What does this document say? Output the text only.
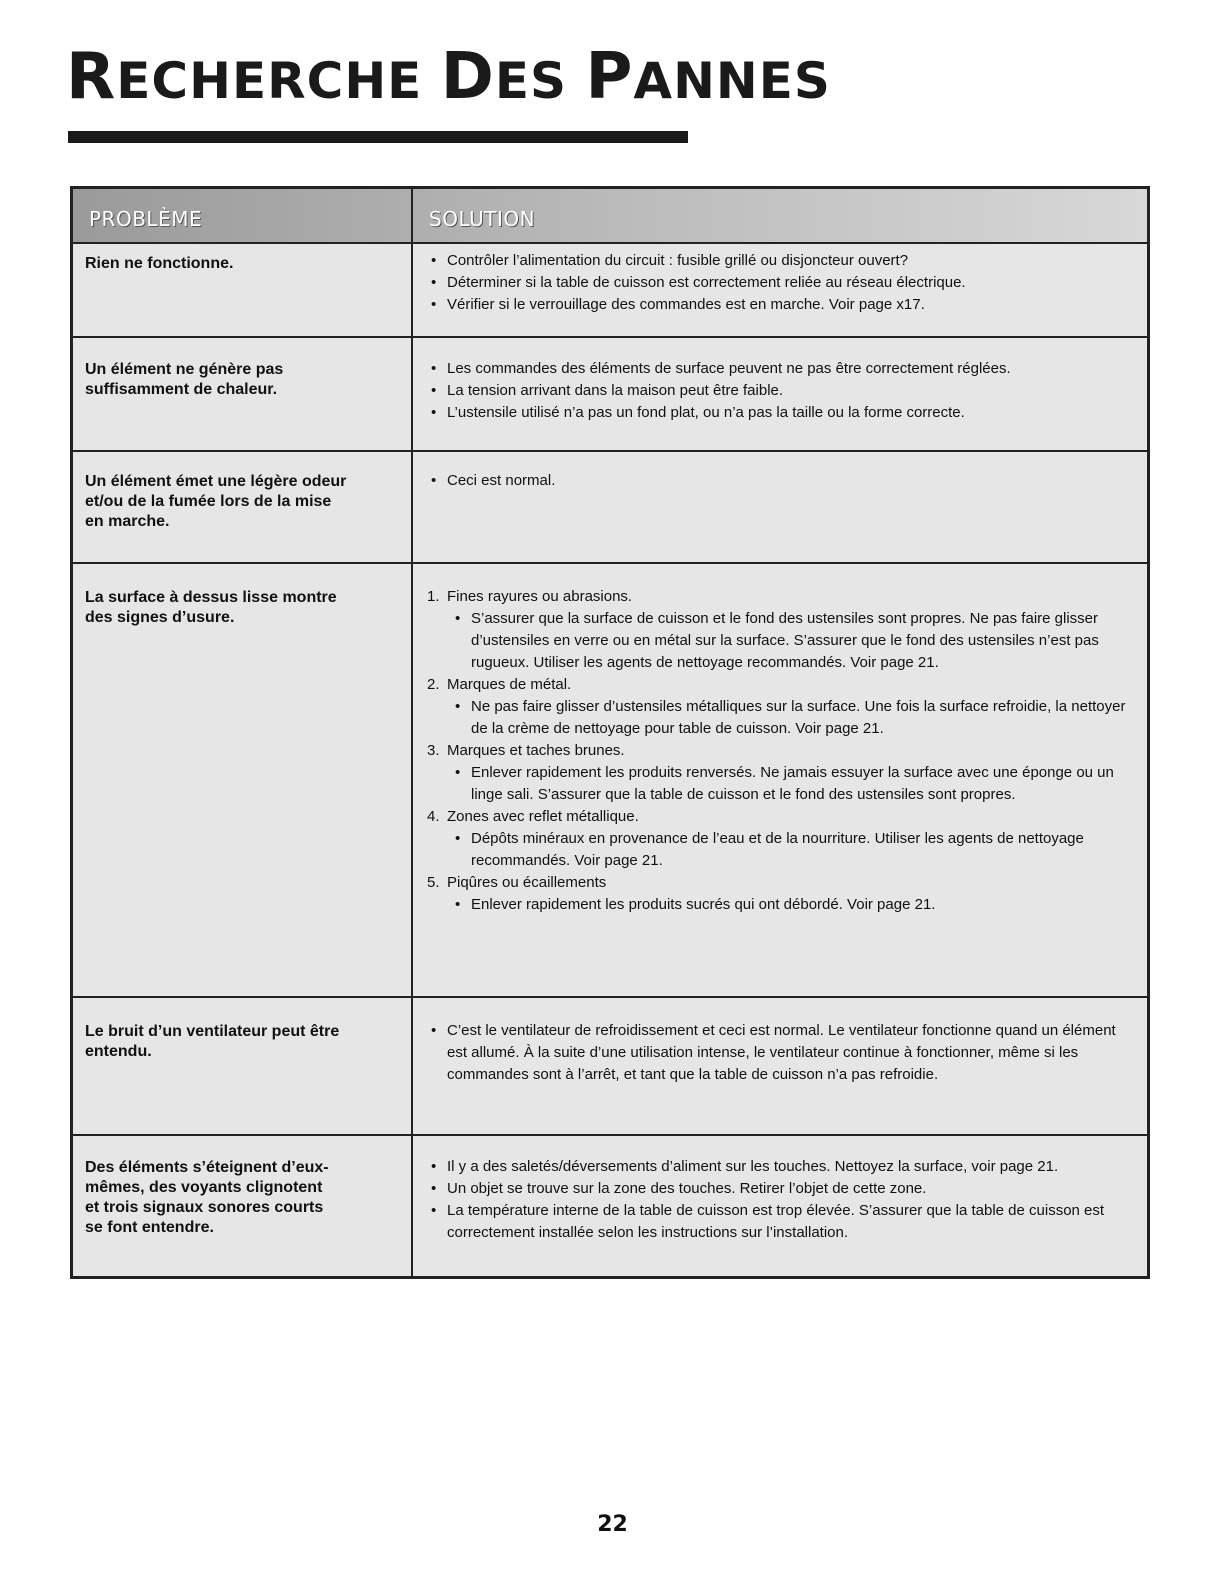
RECHERCHE DES PANNES
PROBLÈME	SOLUTION
Rien ne fonctionne.
•	Contrôler l’alimentation du circuit : fusible grillé ou disjoncteur ouvert?
• Déterminer si la table de cuisson est correctement reliée au réseau électrique.
• Vérifier si le verrouillage des commandes est en marche. Voir page x17.
Un élément ne génère pas
suffisamment de chaleur.
• Les commandes des éléments de surface peuvent ne pas être correctement réglées.
• La tension arrivant dans la maison peut être faible.
• L’ustensile utilisé n’a pas un fond plat, ou n’a pas la taille ou la forme correcte.
Un élément émet une légère odeur
et/ou de la fumée lors de la mise
en marche.
• Ceci est normal.
La surface à dessus lisse montre
des signes d’usure.
1. Fines rayures ou abrasions.
• S’assurer que la surface de cuisson et le fond des ustensiles sont propres. Ne pas faire glisser d’ustensiles en verre ou en métal sur la surface. S’assurer que le fond des ustensiles n’est pas rugueux. Utiliser les agents de nettoyage recommandés. Voir page 21.
2. Marques de métal.
• Ne pas faire glisser d’ustensiles métalliques sur la surface. Une fois la surface refroidie, la nettoyer de la crème de nettoyage pour table de cuisson. Voir page 21.
3. Marques et taches brunes.
• Enlever rapidement les produits renversés. Ne jamais essuyer la surface avec une éponge ou un linge sali. S’assurer que la table de cuisson et le fond des ustensiles sont propres.
4. Zones avec reflet métallique.
• Dépôts minéraux en provenance de l’eau et de la nourriture. Utiliser les agents de nettoyage recommandés. Voir page 21.
5. Piqûres ou écaillements
• Enlever rapidement les produits sucrés qui ont débordé. Voir page 21.
Le bruit d’un ventilateur peut être
entendu.
• C’est le ventilateur de refroidissement et ceci est normal. Le ventilateur fonctionne quand un élément est allumé. À la suite d’une utilisation intense, le ventilateur continue à fonctionner, même si les commandes sont à l’arrêt, et tant que la table de cuisson n’a pas refroidie.
Des éléments s’éteignent d’eux-
mêmes, des voyants clignotent
et trois signaux sonores courts
se font entendre.
• Il y a des saletés/déversements d’aliment sur les touches. Nettoyez la surface, voir page 21.
• Un objet se trouve sur la zone des touches. Retirer l’objet de cette zone.
• La température interne de la table de cuisson est trop élevée. S’assurer que la table de cuisson est correctement installée selon les instructions sur l’installation.
22
